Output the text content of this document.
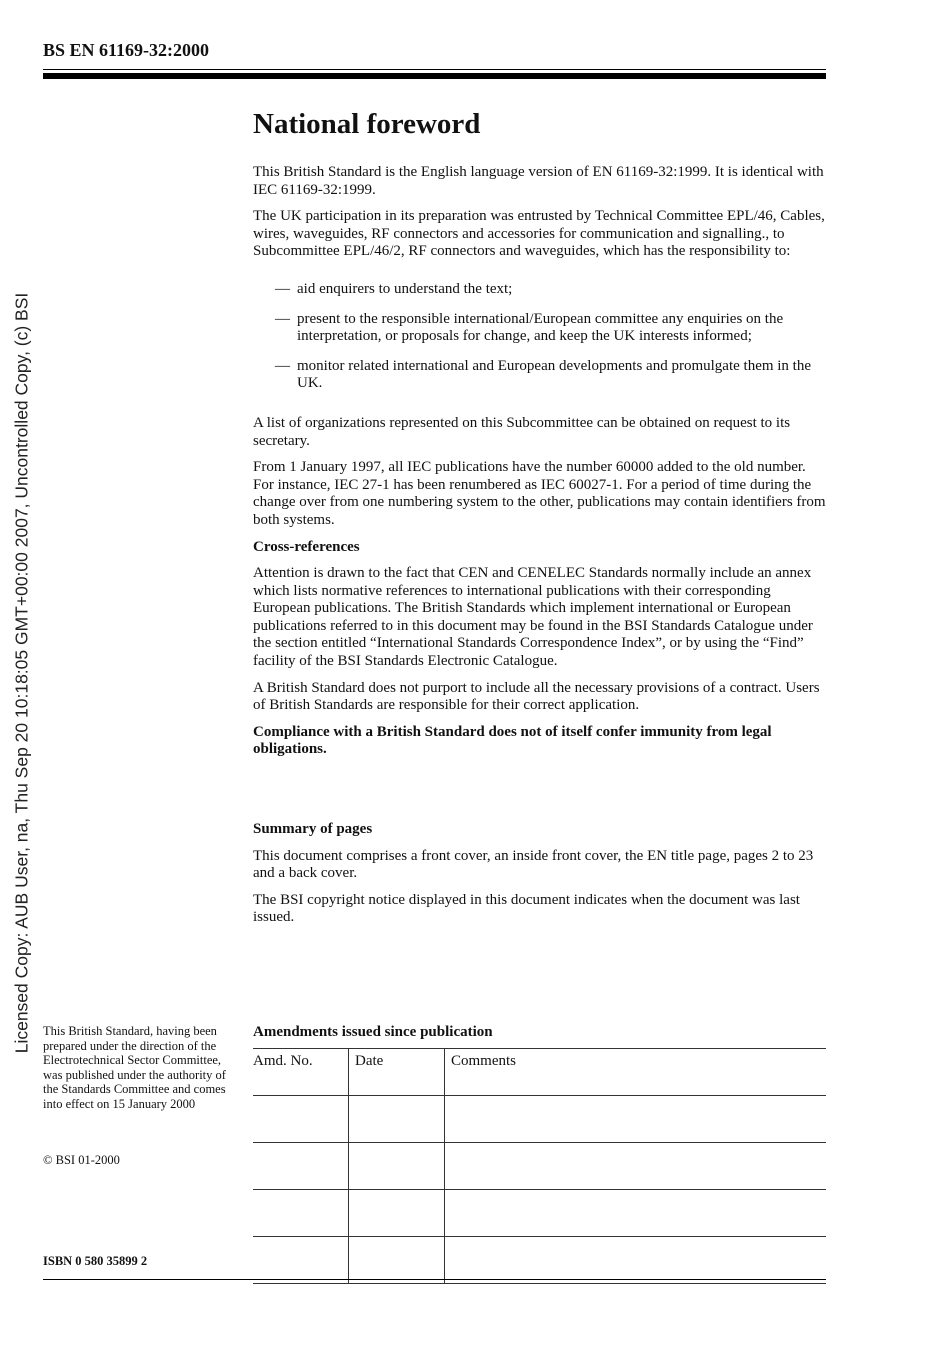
BS EN 61169-32:2000
Licensed Copy: AUB User, na, Thu Sep 20 10:18:05 GMT+00:00 2007, Uncontrolled Copy, (c) BSI
National foreword

This British Standard is the English language version of EN 61169-32:1999. It is identical with IEC 61169-32:1999.

The UK participation in its preparation was entrusted by Technical Committee EPL/46, Cables, wires, waveguides, RF connectors and accessories for communication and signalling., to Subcommittee EPL/46/2, RF connectors and waveguides, which has the responsibility to:

— aid enquirers to understand the text;
— present to the responsible international/European committee any enquiries on the interpretation, or proposals for change, and keep the UK interests informed;
— monitor related international and European developments and promulgate them in the UK.

A list of organizations represented on this Subcommittee can be obtained on request to its secretary.

From 1 January 1997, all IEC publications have the number 60000 added to the old number. For instance, IEC 27-1 has been renumbered as IEC 60027-1. For a period of time during the change over from one numbering system to the other, publications may contain identifiers from both systems.

Cross-references

Attention is drawn to the fact that CEN and CENELEC Standards normally include an annex which lists normative references to international publications with their corresponding European publications. The British Standards which implement international or European publications referred to in this document may be found in the BSI Standards Catalogue under the section entitled “International Standards Correspondence Index”, or by using the “Find” facility of the BSI Standards Electronic Catalogue.

A British Standard does not purport to include all the necessary provisions of a contract. Users of British Standards are responsible for their correct application.

Compliance with a British Standard does not of itself confer immunity from legal obligations.

Summary of pages

This document comprises a front cover, an inside front cover, the EN title page, pages 2 to 23 and a back cover.

The BSI copyright notice displayed in this document indicates when the document was last issued.

This British Standard, having been prepared under the direction of the Electrotechnical Sector Committee, was published under the authority of the Standards Committee and comes into effect on 15 January 2000
© BSI 01-2000
ISBN 0 580 35899 2
Amendments issued since publication
Amd. No.	Date	Comments
